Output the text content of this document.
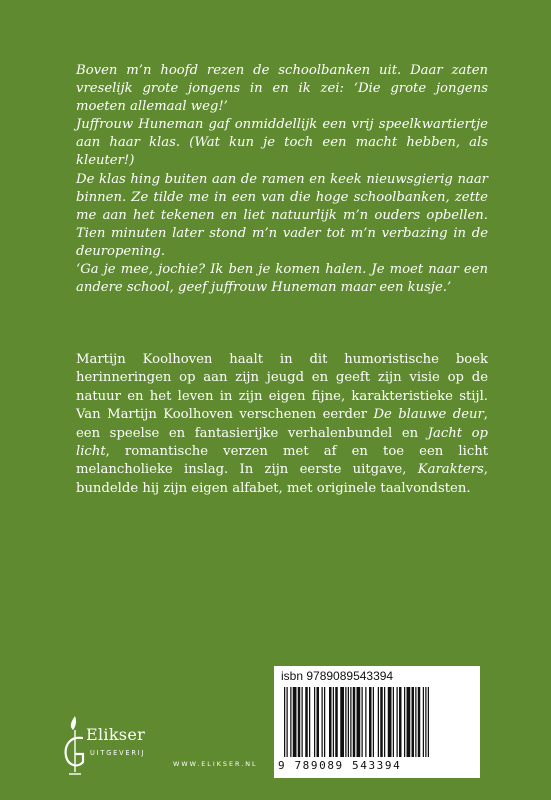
Boven m’n hoofd rezen de schoolbanken uit. Daar zaten vreselijk grote jongens in en ik zei: ‘Die grote jongens moeten allemaal weg!’

Juffrouw Huneman gaf onmiddellijk een vrij speelkwartiertje aan haar klas. (Wat kun je toch een macht hebben, als kleuter!)

De klas hing buiten aan de ramen en keek nieuwsgierig naar binnen. Ze tilde me in een van die hoge schoolbanken, zette me aan het tekenen en liet natuurlijk m’n ouders opbellen. Tien minuten later stond m’n vader tot m’n verbazing in de deuropening.

‘Ga je mee, jochie? Ik ben je komen halen. Je moet naar een andere school, geef juffrouw Huneman maar een kusje.’

Martijn Koolhoven haalt in dit humoristische boek herinneringen op aan zijn jeugd en geeft zijn visie op de natuur en het leven in zijn eigen fijne, karakteristieke stijl. Van Martijn Koolhoven verschenen eerder De blauwe deur, een speelse en fantasierijke verhalenbundel en Jacht op licht, romantische verzen met af en toe een licht melancholieke inslag. In zijn eerste uitgave, Karakters, bundelde hij zijn eigen alfabet, met originele taalvondsten.
Elikser
UITGEVERIJ
WWW.ELIKSER.NL
isbn 9789089543394
9 789089 543394
